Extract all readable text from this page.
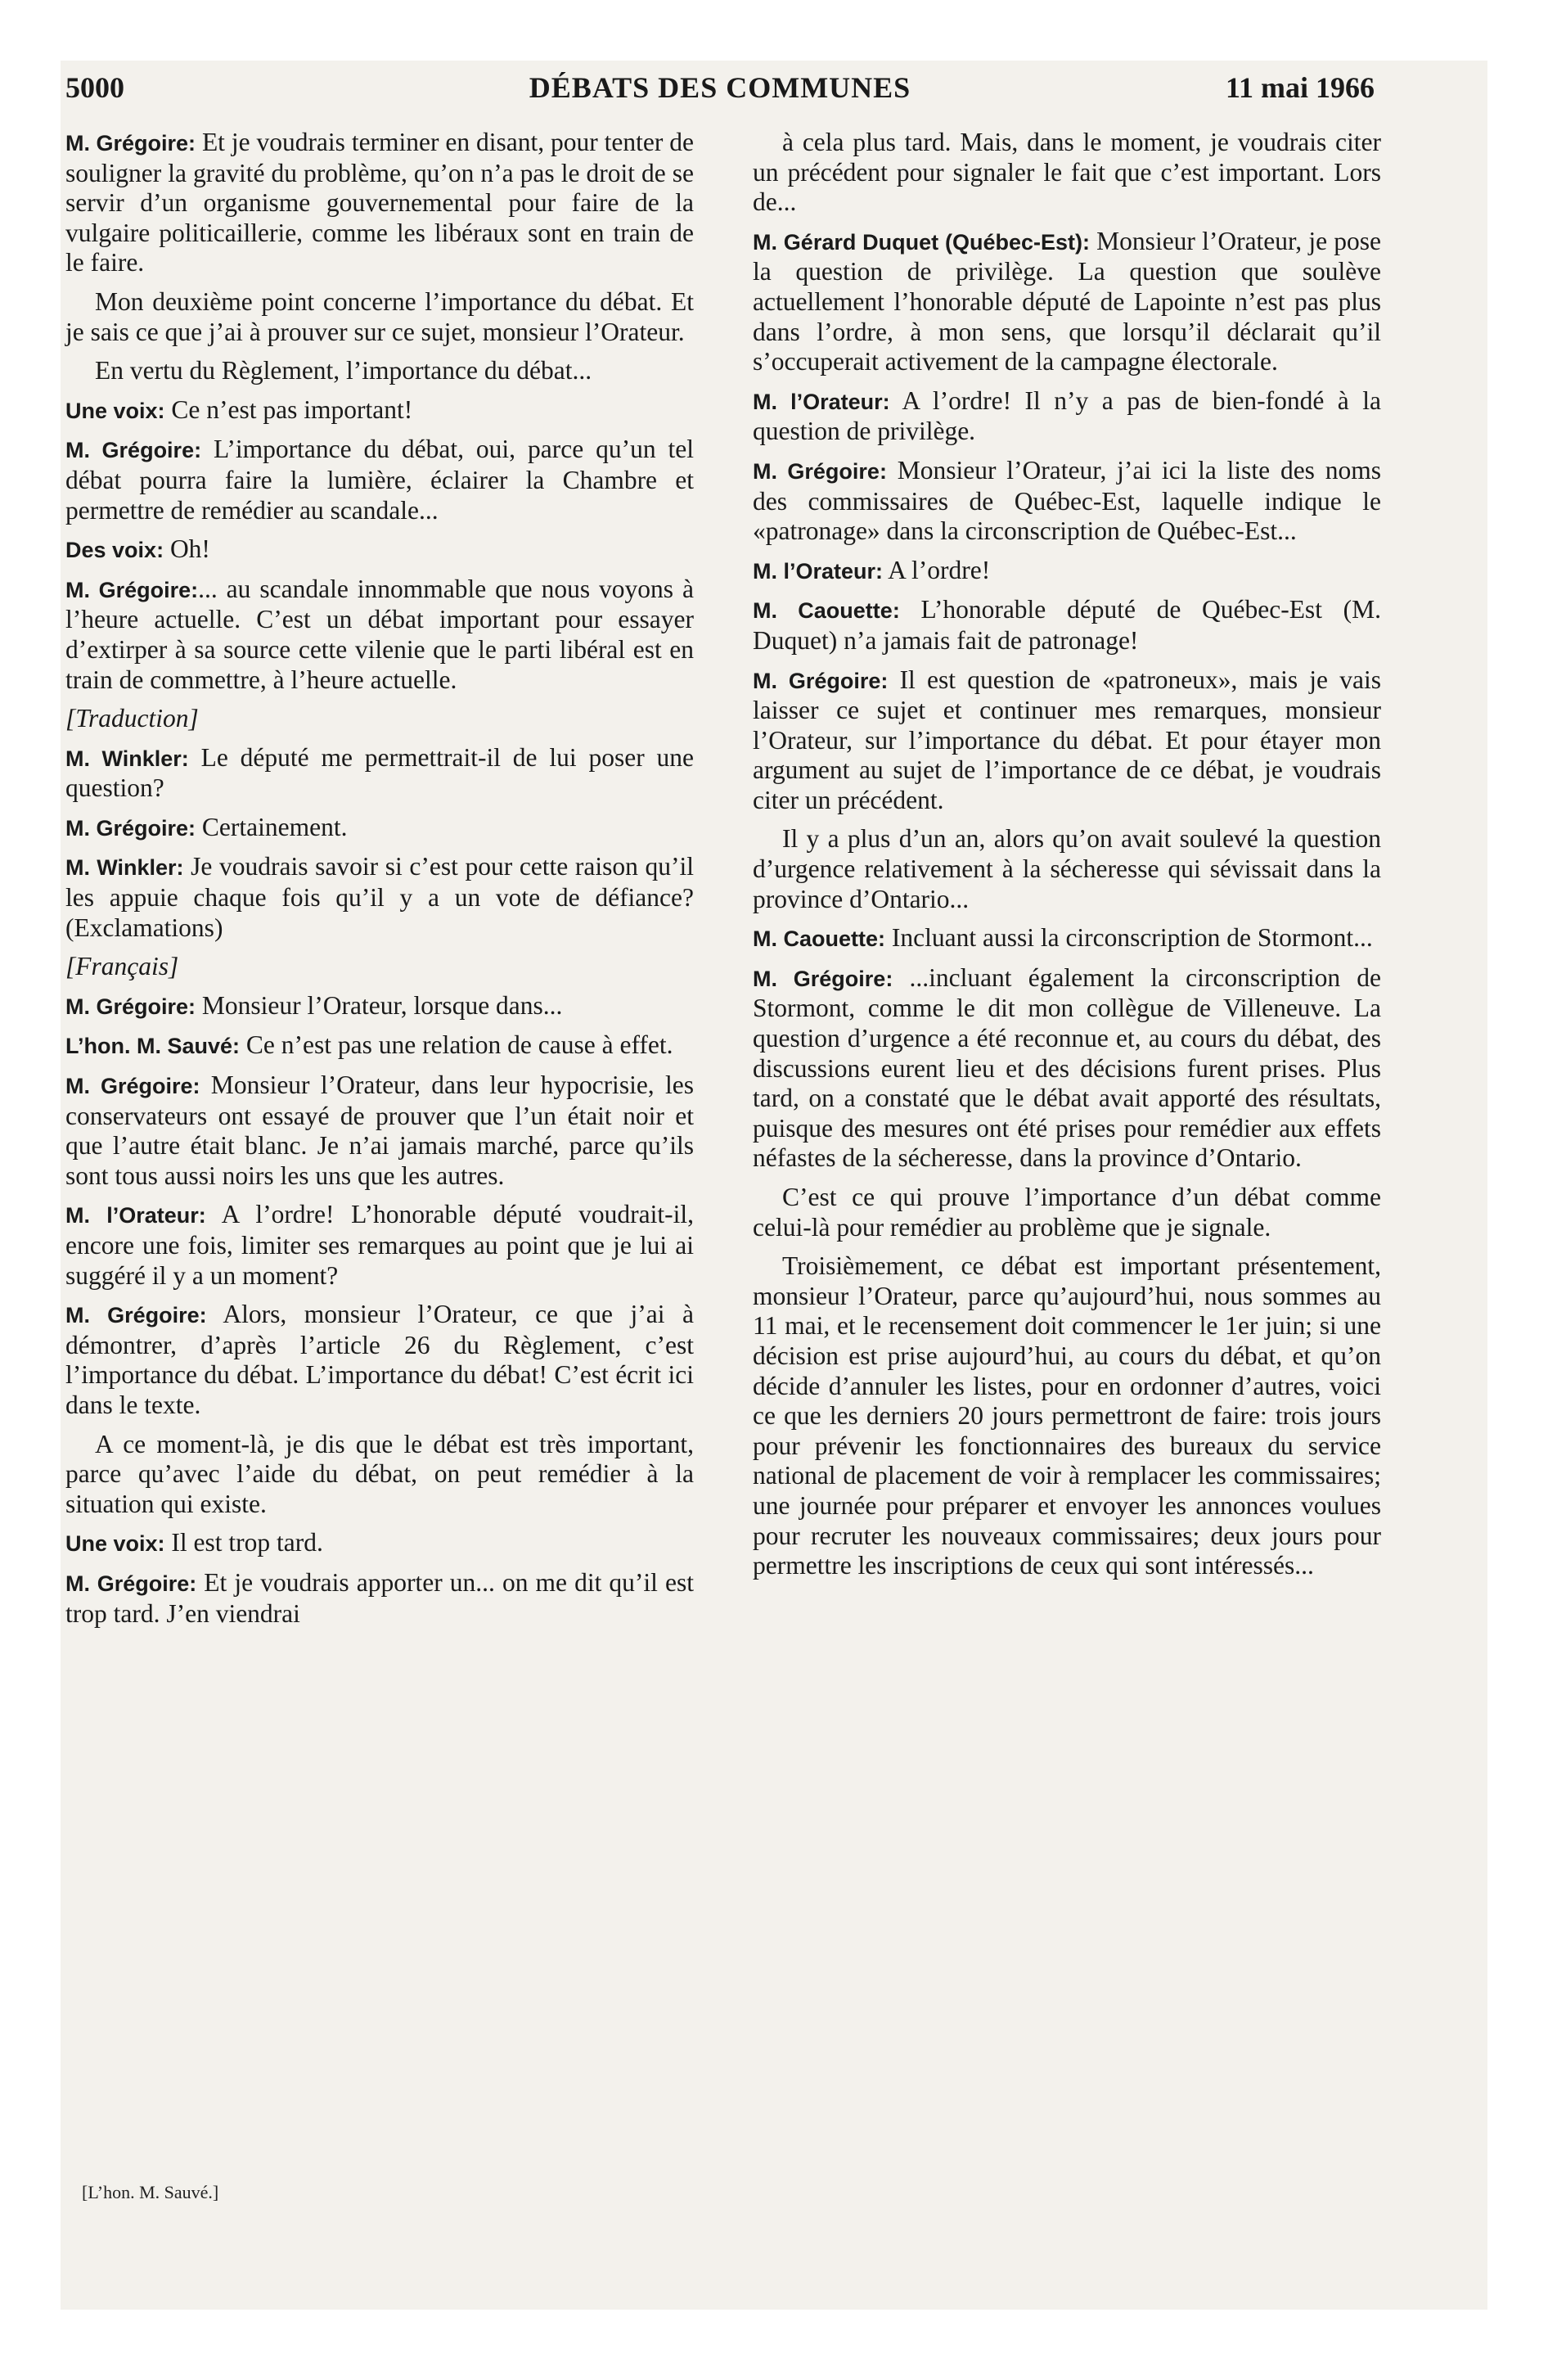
5000	DÉBATS DES COMMUNES	11 mai 1966

M. Grégoire : Et je voudrais terminer en disant, pour tenter de souligner la gravité du problème, qu’on n’a pas le droit de se servir d’un organisme gouvernemental pour faire de la vulgaire politicaillerie, comme les libéraux sont en train de le faire.

Mon deuxième point concerne l’importance du débat. Et je sais ce que j’ai à prouver sur ce sujet, monsieur l’Orateur.

En vertu du Règlement, l’importance du débat...

Une voix : Ce n’est pas important!

M. Grégoire : L’importance du débat, oui, parce qu’un tel débat pourra faire la lumière, éclairer la Chambre et permettre de remédier au scandale...

Des voix : Oh!

M. Grégoire : ... au scandale innommable que nous voyons à l’heure actuelle. C’est un débat important pour essayer d’extirper à sa source cette vilenie que le parti libéral est en train de commettre, à l’heure actuelle.

[Traduction]

M. Winkler : Le député me permettrait-il de lui poser une question?

M. Grégoire : Certainement.

M. Winkler : Je voudrais savoir si c’est pour cette raison qu’il les appuie chaque fois qu’il y a un vote de défiance? (Exclamations)

[Français]

M. Grégoire : Monsieur l’Orateur, lorsque dans...

L’hon. M. Sauvé : Ce n’est pas une relation de cause à effet.

M. Grégoire : Monsieur l’Orateur, dans leur hypocrisie, les conservateurs ont essayé de prouver que l’un était noir et que l’autre était blanc. Je n’ai jamais marché, parce qu’ils sont tous aussi noirs les uns que les autres.

M. l’Orateur : A l’ordre! L’honorable député voudrait-il, encore une fois, limiter ses remarques au point que je lui ai suggéré il y a un moment?

M. Grégoire : Alors, monsieur l’Orateur, ce que j’ai à démontrer, d’après l’article 26 du Règlement, c’est l’importance du débat. L’importance du débat! C’est écrit ici dans le texte.

A ce moment-là, je dis que le débat est très important, parce qu’avec l’aide du débat, on peut remédier à la situation qui existe.

Une voix : Il est trop tard.

M. Grégoire : Et je voudrais apporter un... on me dit qu’il est trop tard. J’en viendrai

à cela plus tard. Mais, dans le moment, je voudrais citer un précédent pour signaler le fait que c’est important. Lors de...

M. Gérard Duquet (Québec-Est) : Monsieur l’Orateur, je pose la question de privilège. La question que soulève actuellement l’honorable député de Lapointe n’est pas plus dans l’ordre, à mon sens, que lorsqu’il déclarait qu’il s’occuperait activement de la campagne électorale.

M. l’Orateur : A l’ordre! Il n’y a pas de bien-fondé à la question de privilège.

M. Grégoire : Monsieur l’Orateur, j’ai ici la liste des noms des commissaires de Québec-Est, laquelle indique le «patronage» dans la circonscription de Québec-Est...

M. l’Orateur : A l’ordre!

M. Caouette : L’honorable député de Québec-Est (M. Duquet) n’a jamais fait de patronage!

M. Grégoire : Il est question de «patroneux», mais je vais laisser ce sujet et continuer mes remarques, monsieur l’Orateur, sur l’importance du débat. Et pour étayer mon argument au sujet de l’importance de ce débat, je voudrais citer un précédent.

Il y a plus d’un an, alors qu’on avait soulevé la question d’urgence relativement à la sécheresse qui sévissait dans la province d’Ontario...

M. Caouette : Incluant aussi la circonscription de Stormont...

M. Grégoire : ...incluant également la circonscription de Stormont, comme le dit mon collègue de Villeneuve. La question d’urgence a été reconnue et, au cours du débat, des discussions eurent lieu et des décisions furent prises. Plus tard, on a constaté que le débat avait apporté des résultats, puisque des mesures ont été prises pour remédier aux effets néfastes de la sécheresse, dans la province d’Ontario.

C’est ce qui prouve l’importance d’un débat comme celui-là pour remédier au problème que je signale.

Troisièmement, ce débat est important présentement, monsieur l’Orateur, parce qu’aujourd’hui, nous sommes au 11 mai, et le recensement doit commencer le 1er juin; si une décision est prise aujourd’hui, au cours du débat, et qu’on décide d’annuler les listes, pour en ordonner d’autres, voici ce que les derniers 20 jours permettront de faire: trois jours pour prévenir les fonctionnaires des bureaux du service national de placement de voir à remplacer les commissaires; une journée pour préparer et envoyer les annonces voulues pour recruter les nouveaux commissaires; deux jours pour permettre les inscriptions de ceux qui sont intéressés...

[L’hon. M. Sauvé.]
